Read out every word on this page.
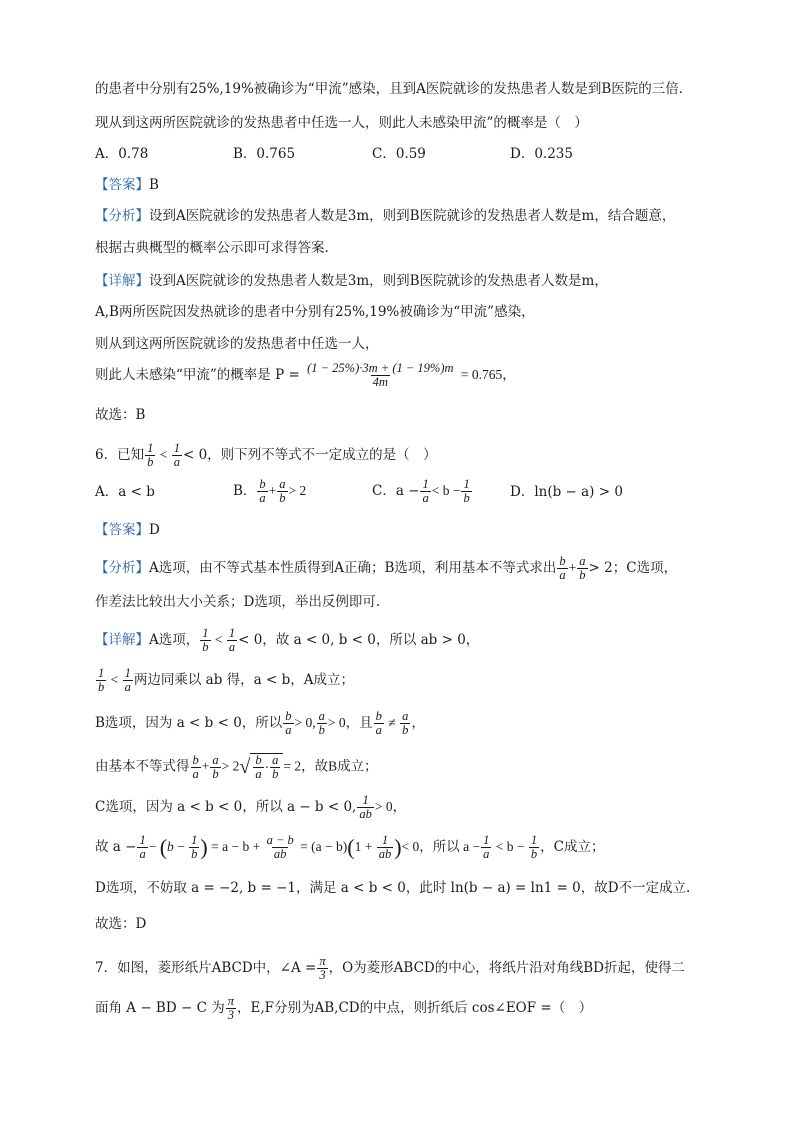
的患者中分别有25%,19%被确诊为“甲流”感染，且到A医院就诊的发热患者人数是到B医院的三倍．
现从到这两所医院就诊的发热患者中任选一人，则此人未感染甲流”的概率是（　）
A．0.78	B．0.765	C．0.59	D．0.235
【答案】B
【分析】设到A医院就诊的发热患者人数是3m，则到B医院就诊的发热患者人数是m，结合题意，
根据古典概型的概率公示即可求得答案.
【详解】设到A医院就诊的发热患者人数是3m，则到B医院就诊的发热患者人数是m，
A,B两所医院因发热就诊的患者中分别有25%,19%被确诊为“甲流”感染，
则从到这两所医院就诊的发热患者中任选一人，
则此人未感染“甲流”的概率是 $P = \frac{(1 - 25\%)\cdot 3m + (1 - 19\%)m}{4m} = 0.765$，
故选：B
6．已知 $\frac{1}{b} < \frac{1}{a} < 0$，则下列不等式不一定成立的是（　）
A．a < b	B． $\frac{b}{a} + \frac{a}{b} > 2$	C．$a - \frac{1}{a} < b - \frac{1}{b}$	D．ln(b − a) > 0
【答案】D
【分析】A选项，由不等式基本性质得到A正确；B选项，利用基本不等式求出 $\frac{b}{a} + \frac{a}{b} > 2$；C选项，
作差法比较出大小关系；D选项，举出反例即可.
【详解】A选项， $\frac{1}{b} < \frac{1}{a} < 0$，故 a < 0, b < 0，所以 ab > 0，
$\frac{1}{b} < \frac{1}{a}$ 两边同乘以 ab 得，a < b，A成立；
B选项，因为 a < b < 0，所以 $\frac{b}{a} > 0$, $\frac{a}{b} > 0$，且 $\frac{b}{a} \ne \frac{a}{b}$ ，
由基本不等式得 $\frac{b}{a} + \frac{a}{b} > 2$ √ $\frac{b}{a} \cdot \frac{a}{b} = 2$，故B成立；
C选项，因为 a < b < 0，所以 a − b < 0, $\frac{1}{ab} > 0$，
故 $a - \frac{1}{a} - (b - \frac{1}{b}$ ) = $a - b + \frac{a - b}{ab} = (a - b)(1 + \frac{1}{ab}$ )< 0，所以 $a - \frac{1}{a} < b - \frac{1}{b}$ ，C成立；
D选项，不妨取 a = −2, b = −1，满足 a < b < 0，此时 ln(b − a) = ln1 = 0，故D不一定成立.
故选：D
7．如图，菱形纸片ABCD中，∠A = $\frac{\pi}{3}$ ，O为菱形ABCD的中心，将纸片沿对角线BD折起，使得二
面角 A − BD − C 为 $\frac{\pi}{3}$ ，E,F分别为AB,CD的中点，则折纸后 cos∠EOF =（　）
